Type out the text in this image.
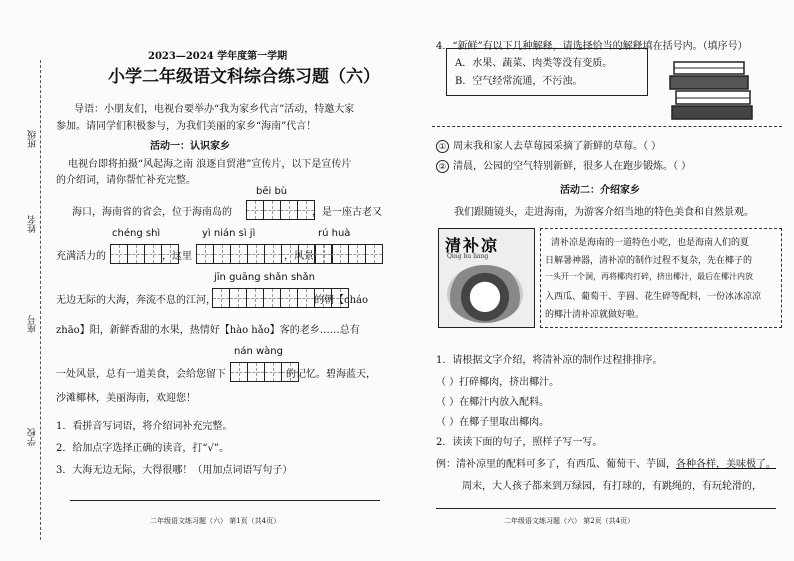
班级
姓名
座号
学校
2023—2024 学年度第一学期
小学二年级语文科综合练习题（六）
导语：小朋友们，电视台要举办“我为家乡代言”活动，特邀大家
参加。请同学们积极参与，为我们美丽的家乡“海南”代言！
活动一：认识家乡
电视台即将拍摄“风起海之南 浪逐自贸港”宣传片，以下是宣传片
的介绍词，请你帮忙补充完整。
bēi bù
海口，海南省的省会，位于海南岛的	，是一座古老又
chéng shì	yì nián sì jì	rú huà
充满活力的	，这里	，风景
jīn guāng shǎn shǎn
无边无际的大海，奔流不息的江河，	的朝【cháo
zhāo】阳，新鲜香甜的水果，热情好【hào hǎo】客的老乡……总有
nán wàng
一处风景，总有一道美食，会给您留下	的记忆。碧海蓝天，
沙滩椰林，美丽海南，欢迎您！
1．看拼音写词语，将介绍词补充完整。
2．给加点字选择正确的读音，打“√”。
3．大海无边无际，大得很哪！（用加点词语写句子）
二年级语文练习题（六） 第1页（共4页）
4．“新鲜”有以下几种解释，请选择恰当的解释填在括号内。（填序号）
A．水果、蔬菜、肉类等没有变质。
B．空气经常流通，不污浊。
① 周末我和家人去草莓园采摘了新鲜的草莓。（ ）
② 清晨，公园的空气特别新鲜，很多人在跑步锻炼。（ ）
活动二：介绍家乡
我们跟随镜头，走进海南，为游客介绍当地的特色美食和自然景观。
清补凉
Qing bu liang
清补凉是海南的一道特色小吃，也是海南人们的夏
日解暑神器，清补凉的制作过程不复杂，先在椰子的
一头开一个洞，再将椰肉打碎，挤出椰汁，最后在椰汁内放
入西瓜、葡萄干、芋圆、花生碎等配料，一份冰冰凉凉
的椰汁清补凉就做好啦。
1．请根据文字介绍，将清补凉的制作过程排排序。
（ ）打碎椰肉，挤出椰汁。
（ ）在椰汁内放入配料。
（ ）在椰子里取出椰肉。
2．读读下面的句子，照样子写一写。
例：清补凉里的配料可多了，有西瓜、葡萄干、芋圆，各种各样，美味极了。
周末，大人孩子都来到万绿园，有打球的，有跳绳的，有玩轮滑的，
二年级语文练习题（六） 第2页（共4页）
